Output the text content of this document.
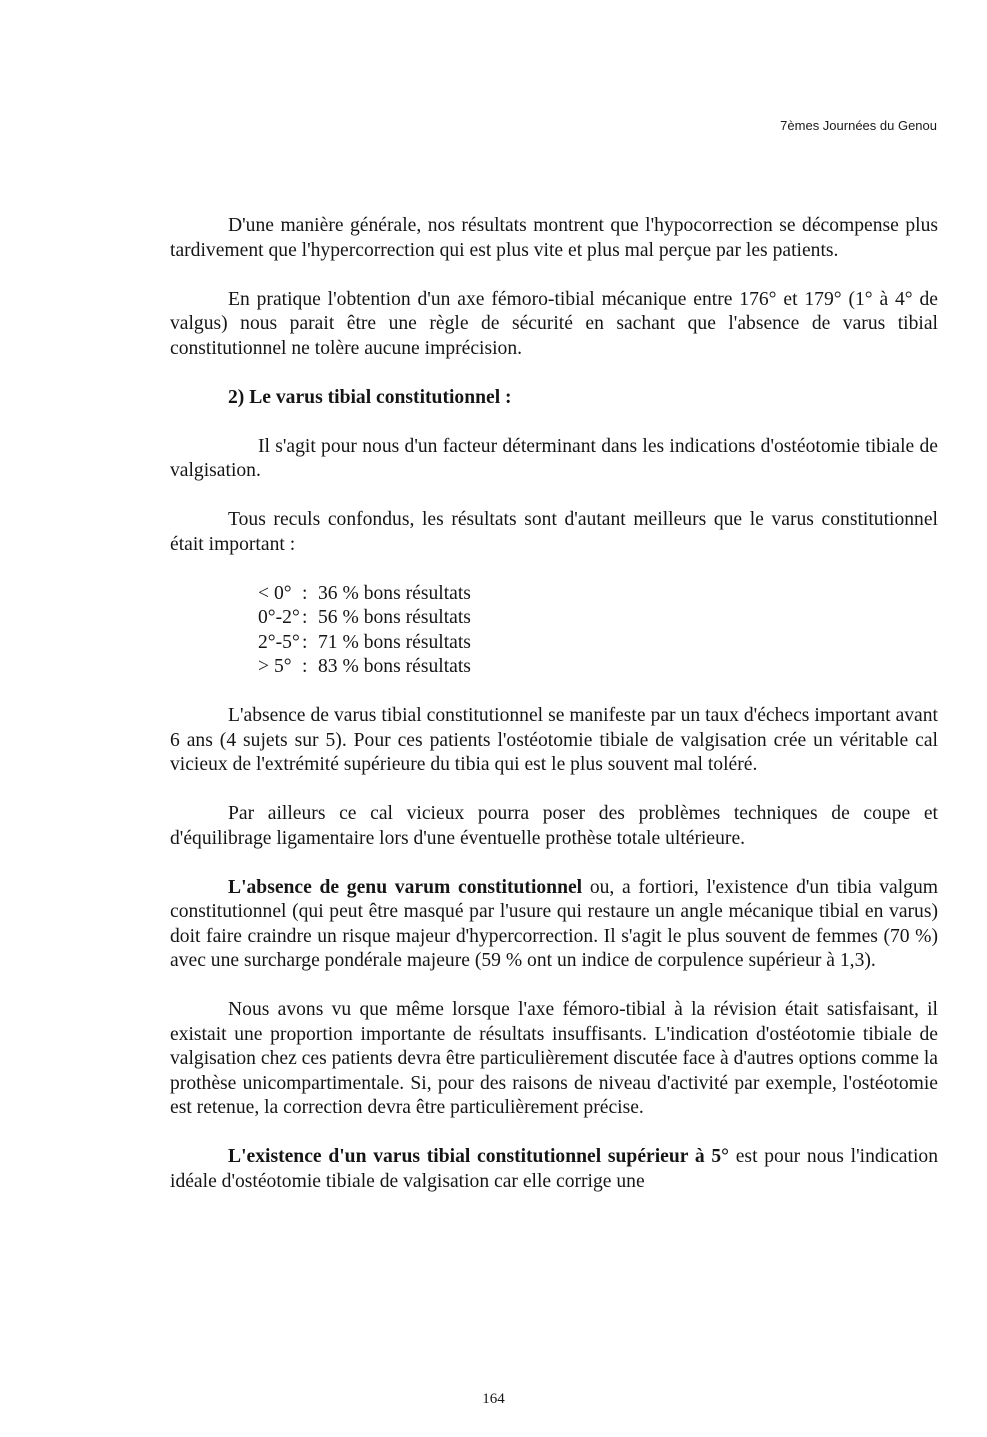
7èmes Journées du Genou

D'une manière générale, nos résultats montrent que l'hypocorrection se décompense plus tardivement que l'hypercorrection qui est plus vite et plus mal perçue par les patients.

En pratique l'obtention d'un axe fémoro-tibial mécanique entre 176° et 179° (1° à 4° de valgus) nous parait être une règle de sécurité en sachant que l'absence de varus tibial constitutionnel ne tolère aucune imprécision.

2) Le varus tibial constitutionnel :

Il s'agit pour nous d'un facteur déterminant dans les indications d'ostéotomie tibiale de valgisation.

Tous reculs confondus, les résultats sont d'autant meilleurs que le varus constitutionnel était important :

< 0° : 36 % bons résultats
0°-2° : 56 % bons résultats
2°-5° : 71 % bons résultats
> 5° : 83 % bons résultats

L'absence de varus tibial constitutionnel se manifeste par un taux d'échecs important avant 6 ans (4 sujets sur 5). Pour ces patients l'ostéotomie tibiale de valgisation crée un véritable cal vicieux de l'extrémité supérieure du tibia qui est le plus souvent mal toléré.

Par ailleurs ce cal vicieux pourra poser des problèmes techniques de coupe et d'équilibrage ligamentaire lors d'une éventuelle prothèse totale ultérieure.

L'absence de genu varum constitutionnel ou, a fortiori, l'existence d'un tibia valgum constitutionnel (qui peut être masqué par l'usure qui restaure un angle mécanique tibial en varus) doit faire craindre un risque majeur d'hypercorrection. Il s'agit le plus souvent de femmes (70 %) avec une surcharge pondérale majeure (59 % ont un indice de corpulence supérieur à 1,3).

Nous avons vu que même lorsque l'axe fémoro-tibial à la révision était satisfaisant, il existait une proportion importante de résultats insuffisants. L'indication d'ostéotomie tibiale de valgisation chez ces patients devra être particulièrement discutée face à d'autres options comme la prothèse unicompartimentale. Si, pour des raisons de niveau d'activité par exemple, l'ostéotomie est retenue, la correction devra être particulièrement précise.

L'existence d'un varus tibial constitutionnel supérieur à 5° est pour nous l'indication idéale d'ostéotomie tibiale de valgisation car elle corrige une

164
